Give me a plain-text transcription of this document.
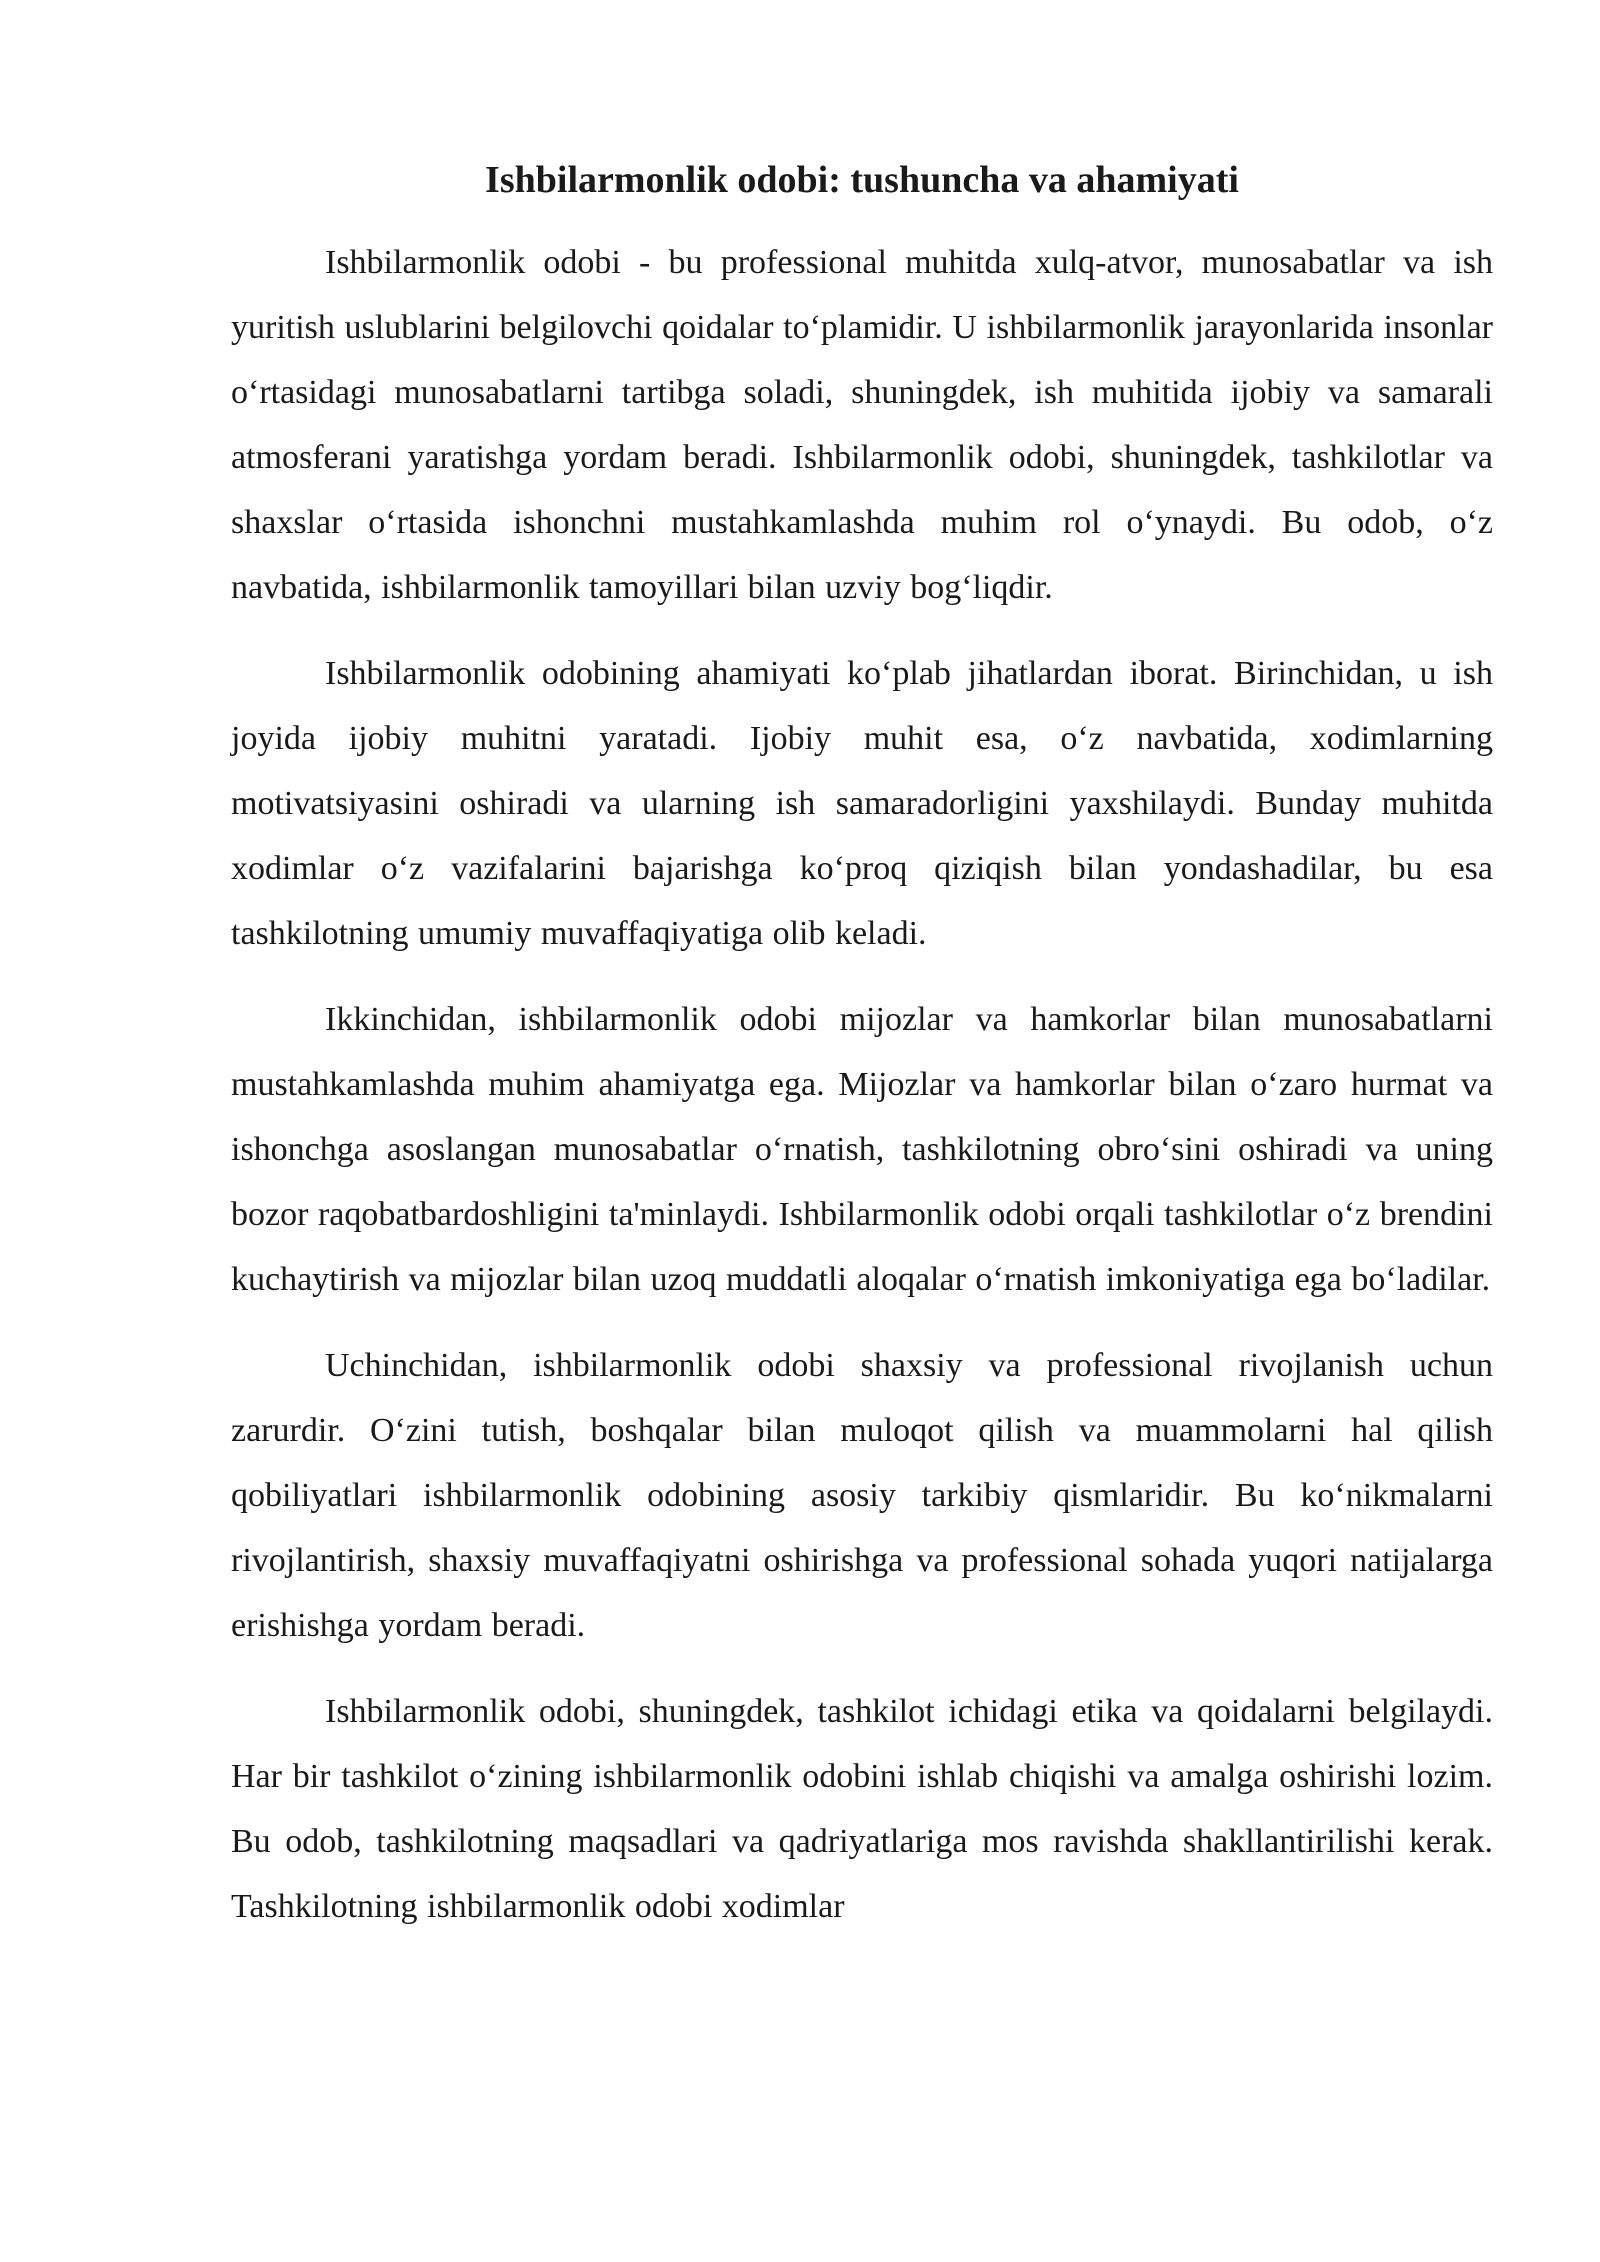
Ishbilarmonlik odobi: tushuncha va ahamiyati

Ishbilarmonlik odobi - bu professional muhitda xulq-atvor, munosabatlar va ish yuritish uslublarini belgilovchi qoidalar to‘plamidir. U ishbilarmonlik jarayonlarida insonlar o‘rtasidagi munosabatlarni tartibga soladi, shuningdek, ish muhitida ijobiy va samarali atmosferani yaratishga yordam beradi. Ishbilarmonlik odobi, shuningdek, tashkilotlar va shaxslar o‘rtasida ishonchni mustahkamlashda muhim rol o‘ynaydi. Bu odob, o‘z navbatida, ishbilarmonlik tamoyillari bilan uzviy bog‘liqdir.

Ishbilarmonlik odobining ahamiyati ko‘plab jihatlardan iborat. Birinchidan, u ish joyida ijobiy muhitni yaratadi. Ijobiy muhit esa, o‘z navbatida, xodimlarning motivatsiyasini oshiradi va ularning ish samaradorligini yaxshilaydi. Bunday muhitda xodimlar o‘z vazifalarini bajarishga ko‘proq qiziqish bilan yondashadilar, bu esa tashkilotning umumiy muvaffaqiyatiga olib keladi.

Ikkinchidan, ishbilarmonlik odobi mijozlar va hamkorlar bilan munosabatlarni mustahkamlashda muhim ahamiyatga ega. Mijozlar va hamkorlar bilan o‘zaro hurmat va ishonchga asoslangan munosabatlar o‘rnatish, tashkilotning obro‘sini oshiradi va uning bozor raqobatbardoshligini ta'minlaydi. Ishbilarmonlik odobi orqali tashkilotlar o‘z brendini kuchaytirish va mijozlar bilan uzoq muddatli aloqalar o‘rnatish imkoniyatiga ega bo‘ladilar.

Uchinchidan, ishbilarmonlik odobi shaxsiy va professional rivojlanish uchun zarurdir. O‘zini tutish, boshqalar bilan muloqot qilish va muammolarni hal qilish qobiliyatlari ishbilarmonlik odobining asosiy tarkibiy qismlaridir. Bu ko‘nikmalarni rivojlantirish, shaxsiy muvaffaqiyatni oshirishga va professional sohada yuqori natijalarga erishishga yordam beradi.

Ishbilarmonlik odobi, shuningdek, tashkilot ichidagi etika va qoidalarni belgilaydi. Har bir tashkilot o‘zining ishbilarmonlik odobini ishlab chiqishi va amalga oshirishi lozim. Bu odob, tashkilotning maqsadlari va qadriyatlariga mos ravishda shakllantirilishi kerak. Tashkilotning ishbilarmonlik odobi xodimlar
